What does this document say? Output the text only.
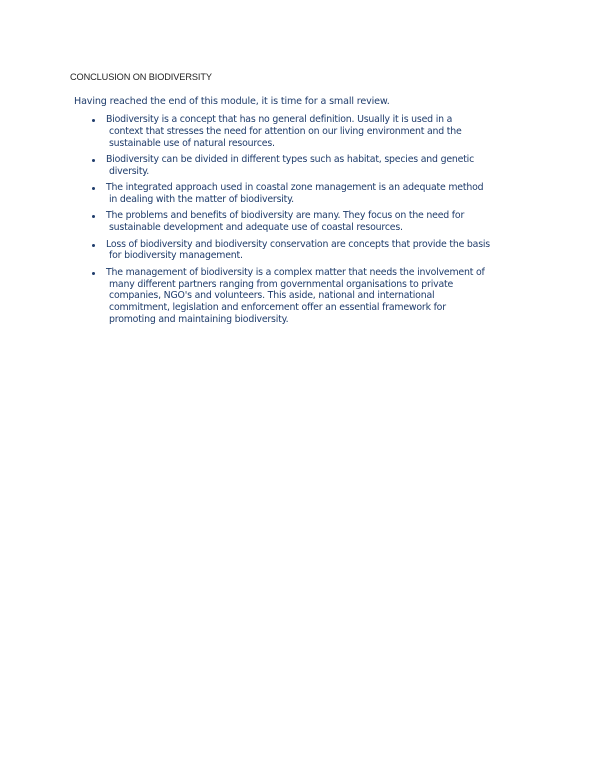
CONCLUSION ON BIODIVERSITY
Having reached the end of this module, it is time for a small review.
Biodiversity is a concept that has no general definition. Usually it is used in a
context that stresses the need for attention on our living environment and the
sustainable use of natural resources.
Biodiversity can be divided in different types such as habitat, species and genetic
diversity.
The integrated approach used in coastal zone management is an adequate method
in dealing with the matter of biodiversity.
The problems and benefits of biodiversity are many. They focus on the need for
sustainable development and adequate use of coastal resources.
Loss of biodiversity and biodiversity conservation are concepts that provide the basis
for biodiversity management.
The management of biodiversity is a complex matter that needs the involvement of
many different partners ranging from governmental organisations to private
companies, NGO's and volunteers. This aside, national and international
commitment, legislation and enforcement offer an essential framework for
promoting and maintaining biodiversity.
